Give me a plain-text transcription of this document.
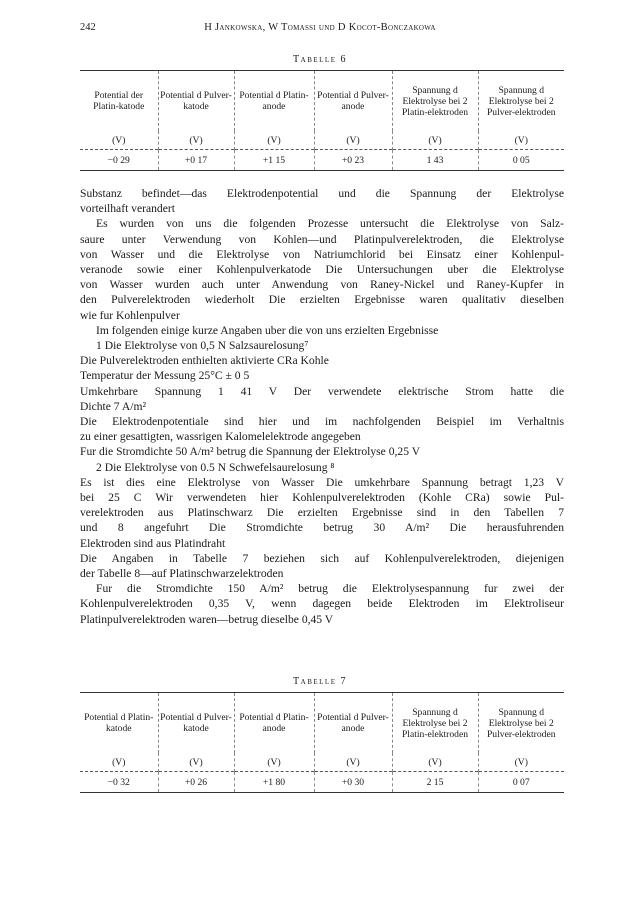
242	H Jankowska, W Tomassi und D Kocot-Bonczakowa
Tabelle 6
Potential der Platin-katode	Potential d Pulver-katode	Potential d Platin-anode	Potential d Pulver-anode	Spannung d Elektrolyse bei 2 Platin-elektroden	Spannung d Elektrolyse bei 2 Pulver-elektroden
(V)	(V)	(V)	(V)	(V)	(V)
−0 29	+0 17	+1 15	+0 23	1 43	0 05
Substanz befindet—das Elektrodenpotential und die Spannung der Elektrolyse
vorteilhaft verandert
Es wurden von uns die folgenden Prozesse untersucht die Elektrolyse von Salz-
saure unter Verwendung von Kohlen—und Platinpulverelektroden, die Elektrolyse
von Wasser und die Elektrolyse von Natriumchlorid bei Einsatz einer Kohlenpul-
veranode sowie einer Kohlenpulverkatode Die Untersuchungen uber die Elektrolyse
von Wasser wurden auch unter Anwendung von Raney-Nickel und Raney-Kupfer in
den Pulverelektroden wiederholt Die erzielten Ergebnisse waren qualitativ dieselben
wie fur Kohlenpulver
Im folgenden einige kurze Angaben uber die von uns erzielten Ergebnisse
1 Die Elektrolyse von 0,5 N Salzsaurelosung⁷
Die Pulverelektroden enthielten aktivierte CRa Kohle
Temperatur der Messung 25°C ± 0 5
Umkehrbare Spannung 1 41 V Der verwendete elektrische Strom hatte die
Dichte 7 A/m²
Die Elektrodenpotentiale sind hier und im nachfolgenden Beispiel im Verhaltnis
zu einer gesattigten, wassrigen Kalomelelektrode angegeben
Fur die Stromdichte 50 A/m² betrug die Spannung der Elektrolyse 0,25 V
2 Die Elektrolyse von 0.5 N Schwefelsaurelosung ⁸
Es ist dies eine Elektrolyse von Wasser Die umkehrbare Spannung betragt 1,23 V
bei 25 C Wir verwendeten hier Kohlenpulverelektroden (Kohle CRa) sowie Pul-
verelektroden aus Platinschwarz Die erzielten Ergebnisse sind in den Tabellen 7
und 8 angefuhrt Die Stromdichte betrug 30 A/m² Die herausfuhrenden
Elektroden sind aus Platindraht
Die Angaben in Tabelle 7 beziehen sich auf Kohlenpulverelektroden, diejenigen
der Tabelle 8—auf Platinschwarzelektroden
Fur die Stromdichte 150 A/m² betrug die Elektrolysespannung fur zwei der
Kohlenpulverelektroden 0,35 V, wenn dagegen beide Elektroden im Elektroliseur
Platinpulverelektroden waren—betrug dieselbe 0,45 V
Tabelle 7
Potential d Platin-katode	Potential d Pulver-katode	Potential d Platin-anode	Potential d Pulver-anode	Spannung d Elektrolyse bei 2 Platin-elektroden	Spannung d Elektrolyse bei 2 Pulver-elektroden
(V)	(V)	(V)	(V)	(V)	(V)
−0 32	+0 26	+1 80	+0 30	2 15	0 07
